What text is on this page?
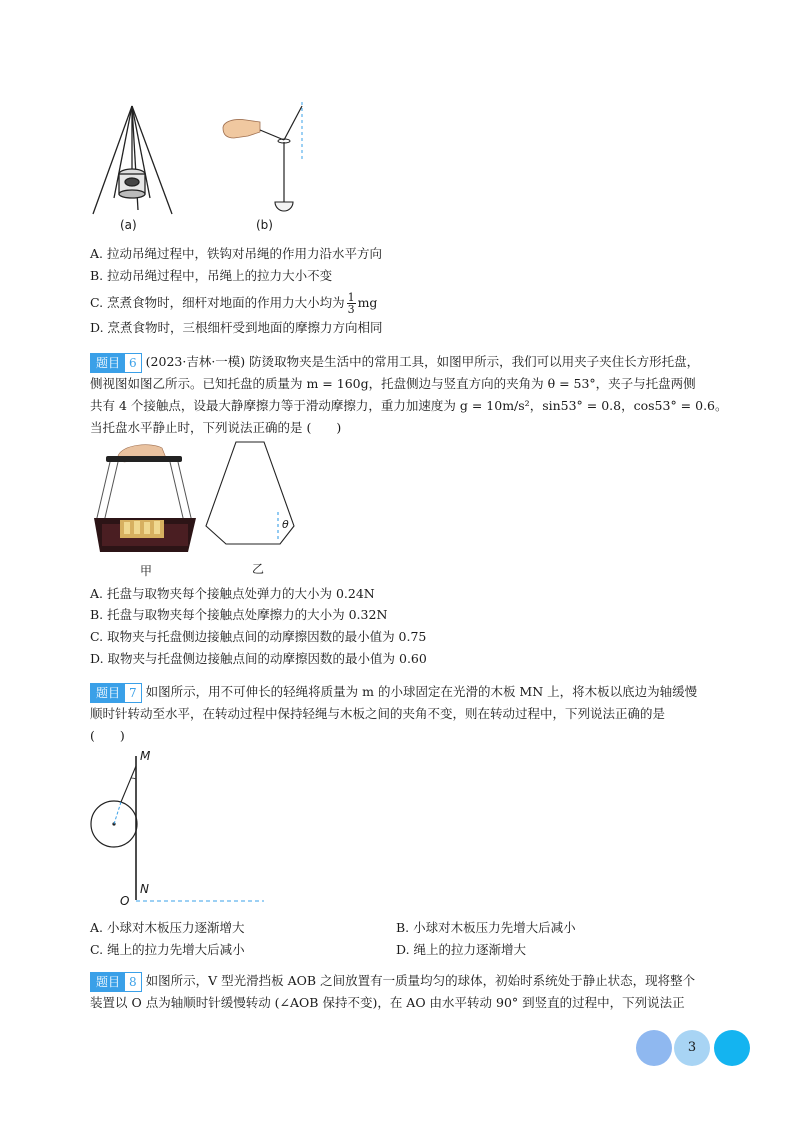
(a)	(b)
A. 拉动吊绳过程中，铁钩对吊绳的作用力沿水平方向
B. 拉动吊绳过程中，吊绳上的拉力大小不变
C. 烹煮食物时，细杆对地面的作用力大小均为 $\frac{1}{3}$ mg
D. 烹煮食物时，三根细杆受到地面的摩擦力方向相同
题目 6 (2023·吉林·一模) 防烫取物夹是生活中的常用工具，如图甲所示，我们可以用夹子夹住长方形托盘，
侧视图如图乙所示。已知托盘的质量为 m = 160g，托盘侧边与竖直方向的夹角为 θ = 53°，夹子与托盘两侧
共有 4 个接触点，设最大静摩擦力等于滑动摩擦力，重力加速度为 g = 10m/s²，sin53° = 0.8，cos53° = 0.6。
当托盘水平静止时，下列说法正确的是 (　　)
θ
甲	乙
A. 托盘与取物夹每个接触点处弹力的大小为 0.24N
B. 托盘与取物夹每个接触点处摩擦力的大小为 0.32N
C. 取物夹与托盘侧边接触点间的动摩擦因数的最小值为 0.75
D. 取物夹与托盘侧边接触点间的动摩擦因数的最小值为 0.60
题目 7 如图所示，用不可伸长的轻绳将质量为 m 的小球固定在光滑的木板 MN 上，将木板以底边为轴缓慢
顺时针转动至水平，在转动过程中保持轻绳与木板之间的夹角不变，则在转动过程中，下列说法正确的是
(　　)
M
N
O
A. 小球对木板压力逐渐增大	B. 小球对木板压力先增大后减小
C. 绳上的拉力先增大后减小	D. 绳上的拉力逐渐增大
题目 8 如图所示，V 型光滑挡板 AOB 之间放置有一质量均匀的球体，初始时系统处于静止状态，现将整个
装置以 O 点为轴顺时针缓慢转动 (∠AOB 保持不变)，在 AO 由水平转动 90° 到竖直的过程中，下列说法正
3
